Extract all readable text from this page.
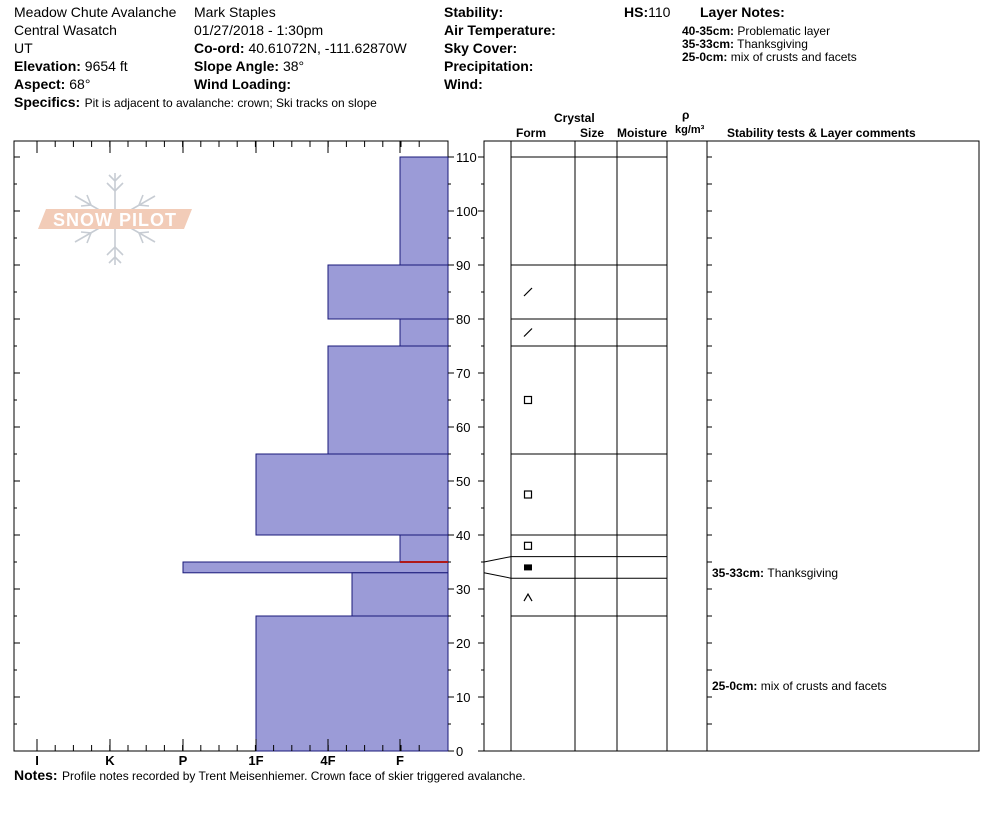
Meadow Chute Avalanche Mark Staples
Central Wasatch	01/27/2018 - 1:30pm
UT	Co-ord: 40.61072N, -111.62870W
Elevation: 9654 ft	Slope Angle: 38°
Aspect: 68°	Wind Loading:
Specifics: Pit is adjacent to avalanche: crown; Ski tracks on slope
Stability:
Air Temperature:
Sky Cover:
Precipitation:
Wind:
HS:110 Layer Notes:
40-35cm: Problematic layer
35-33cm: Thanksgiving
25-0cm: mix of crusts and facets
Crystal
Form	Size Moisture
ρ
kg/m³ Stability tests & Layer comments
SNOW PILOT
0
10
20
30
40
50
60
70
80
90
100
110
I	K	P	1F	4F	F
35-33cm: Thanksgiving
25-0cm: mix of crusts and facets
Notes: Profile notes recorded by Trent Meisenhiemer. Crown face of skier triggered avalanche.
